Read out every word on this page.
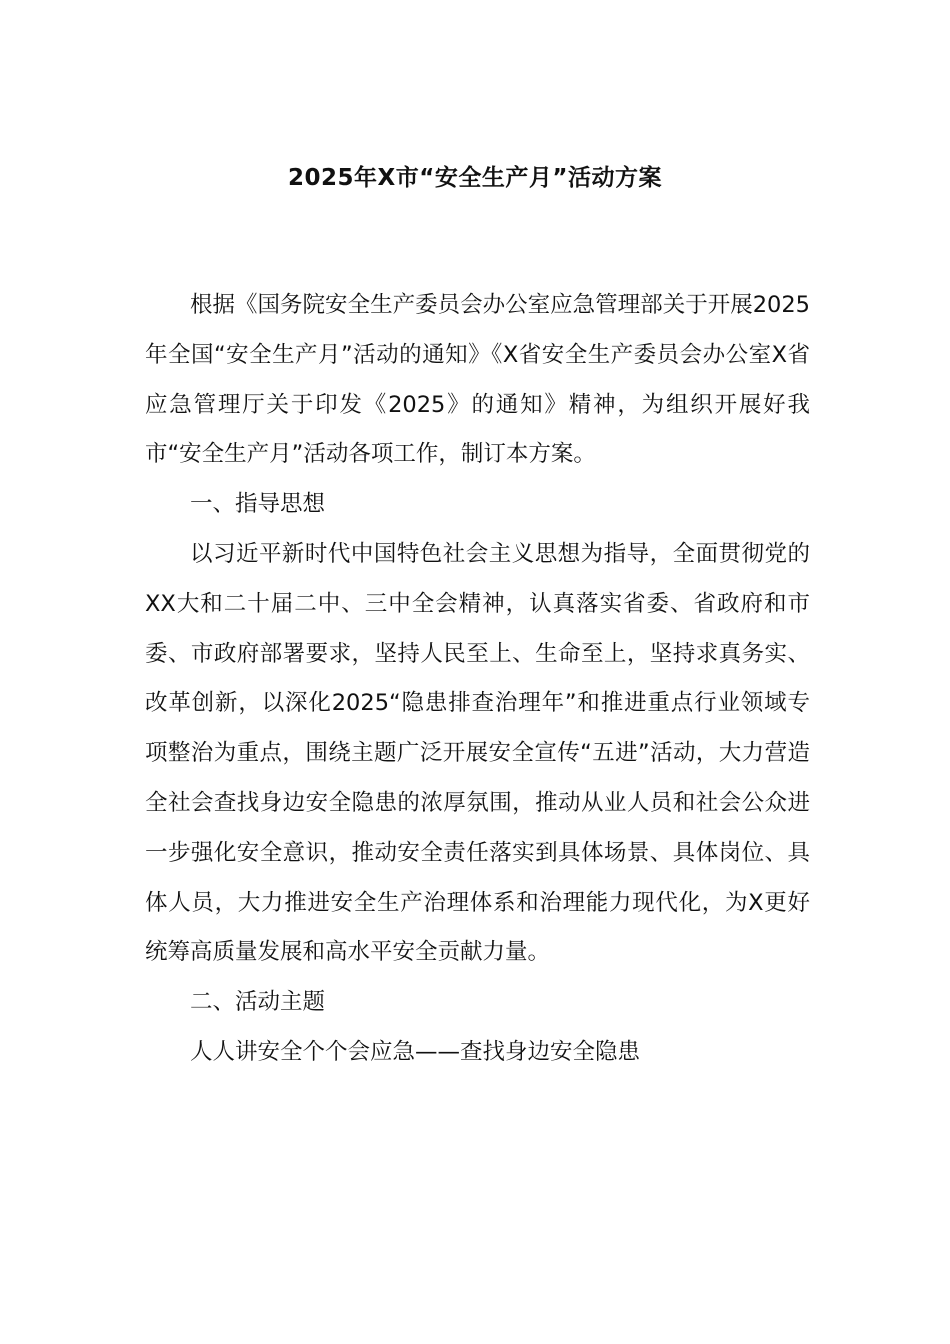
2025年X市“安全生产月”活动方案

根据《国务院安全生产委员会办公室应急管理部关于开展2025年全国“安全生产月”活动的通知》《X省安全生产委员会办公室X省应急管理厅关于印发《2025》的通知》精神，为组织开展好我市“安全生产月”活动各项工作，制订本方案。

一、指导思想

以习近平新时代中国特色社会主义思想为指导，全面贯彻党的XX大和二十届二中、三中全会精神，认真落实省委、省政府和市委、市政府部署要求，坚持人民至上、生命至上，坚持求真务实、改革创新，以深化2025“隐患排查治理年”和推进重点行业领域专项整治为重点，围绕主题广泛开展安全宣传“五进”活动，大力营造全社会查找身边安全隐患的浓厚氛围，推动从业人员和社会公众进一步强化安全意识，推动安全责任落实到具体场景、具体岗位、具体人员，大力推进安全生产治理体系和治理能力现代化，为X更好统筹高质量发展和高水平安全贡献力量。

二、活动主题

人人讲安全个个会应急——查找身边安全隐患
